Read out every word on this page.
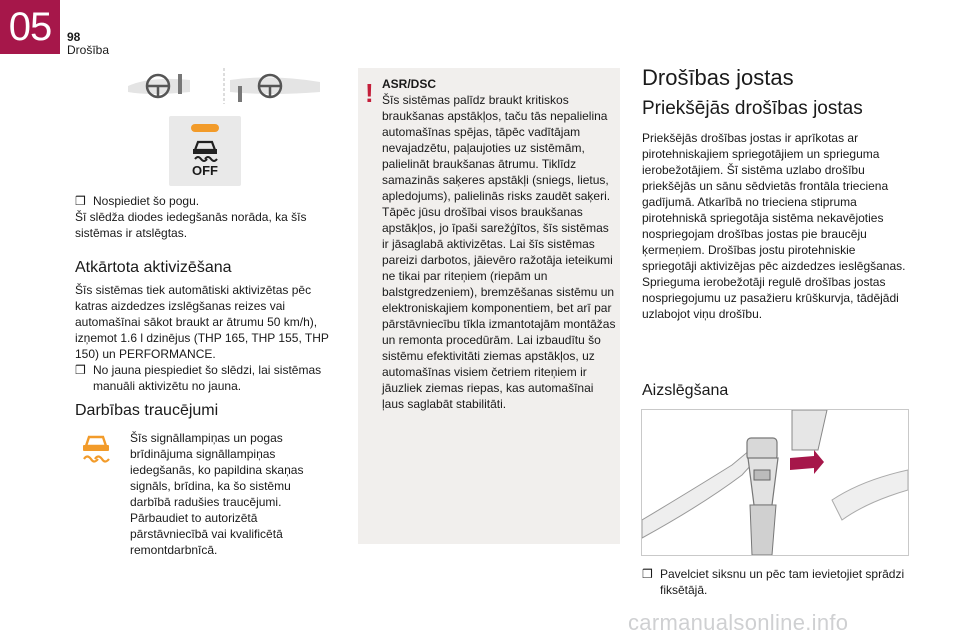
05	98
Drošība
OFF
❒ Nospiediet šo pogu.
Šī slēdža diodes iedegšanās norāda, ka šīs sistēmas ir atslēgtas.
Atkārtota aktivizēšana
Šīs sistēmas tiek automātiski aktivizētas pēc katras aizdedzes izslēgšanas reizes vai automašīnai sākot braukt ar ātrumu 50 km/h), izņemot 1.6 l dzinējus (THP 165, THP 155, THP 150) un PERFORMANCE.
❒ No jauna piespiediet šo slēdzi, lai sistēmas manuāli aktivizētu no jauna.
Darbības traucējumi
Šīs signāllampiņas un pogas brīdinājuma signāllampiņas iedegšanās, ko papildina skaņas signāls, brīdina, ka šo sistēmu darbībā radušies traucējumi. Pārbaudiet to autorizētā pārstāvniecībā vai kvalificētā remontdarbnīcā.
! ASR/DSC
Šīs sistēmas palīdz braukt kritiskos braukšanas apstākļos, taču tās nepalielina automašīnas spējas, tāpēc vadītājam nevajadzētu, paļaujoties uz sistēmām, palielināt braukšanas ātrumu. Tiklīdz samazinās saķeres apstākļi (sniegs, lietus, apledojums), palielinās risks zaudēt saķeri. Tāpēc jūsu drošībai visos braukšanas apstākļos, jo īpaši sarežģītos, šīs sistēmas ir jāsaglabā aktivizētas. Lai šīs sistēmas pareizi darbotos, jāievēro ražotāja ieteikumi ne tikai par riteņiem (riepām un balstgredzeniem), bremzēšanas sistēmu un elektroniskajiem komponentiem, bet arī par pārstāvniecību tīkla izmantotajām montāžas un remonta procedūrām. Lai izbaudītu šo sistēmu efektivitāti ziemas apstākļos, uz automašīnas visiem četriem riteņiem ir jāuzliek ziemas riepas, kas automašīnai ļaus saglabāt stabilitāti.
Drošības jostas
Priekšējās drošības jostas
Priekšējās drošības jostas ir aprīkotas ar pirotehniskajiem spriegotājiem un sprieguma ierobežotājiem. Šī sistēma uzlabo drošību priekšējās un sānu sēdvietās frontāla trieciena gadījumā. Atkarībā no trieciena stipruma pirotehniskā spriegotāja sistēma nekavējoties nospriegojam drošības jostas pie braucēju ķermeņiem. Drošības jostu pirotehniskie spriegotāji aktivizējas pēc aizdedzes ieslēgšanas. Sprieguma ierobežotāji regulē drošības jostas nospriegojumu uz pasažieru krūškurvja, tādējādi uzlabojot viņu drošību.
Aizslēgšana
❒ Pavelciet siksnu un pēc tam ievietojiet sprādzi fiksētājā.
carmanualsonline.info
